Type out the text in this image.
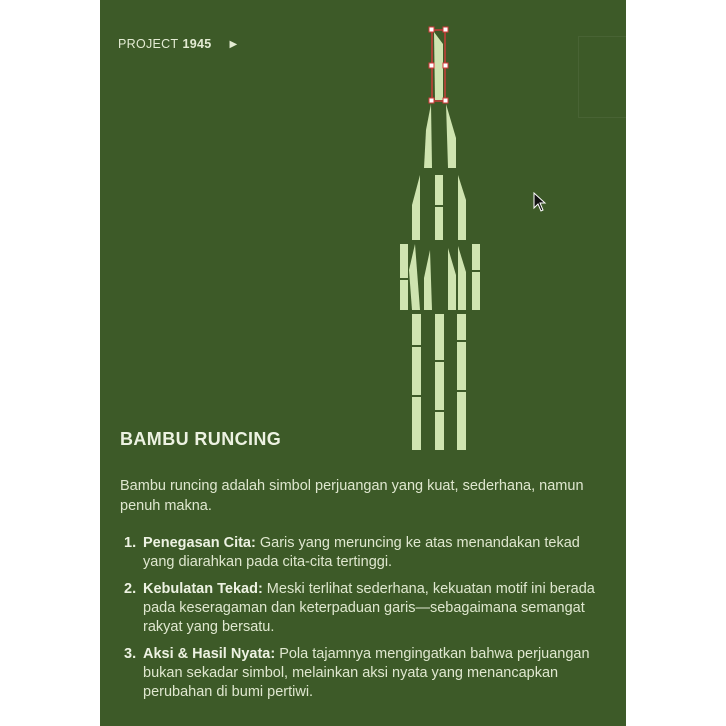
PROJECT 1945 ▶
BAMBU RUNCING
Bambu runcing adalah simbol perjuangan yang kuat, sederhana, namun penuh makna.
1. Penegasan Cita: Garis yang meruncing ke atas menandakan tekad yang diarahkan pada cita-cita tertinggi.
2. Kebulatan Tekad: Meski terlihat sederhana, kekuatan motif ini berada pada keseragaman dan keterpaduan garis—sebagaimana semangat rakyat yang bersatu.
3. Aksi & Hasil Nyata: Pola tajamnya mengingatkan bahwa perjuangan bukan sekadar simbol, melainkan aksi nyata yang menancapkan perubahan di bumi pertiwi.
